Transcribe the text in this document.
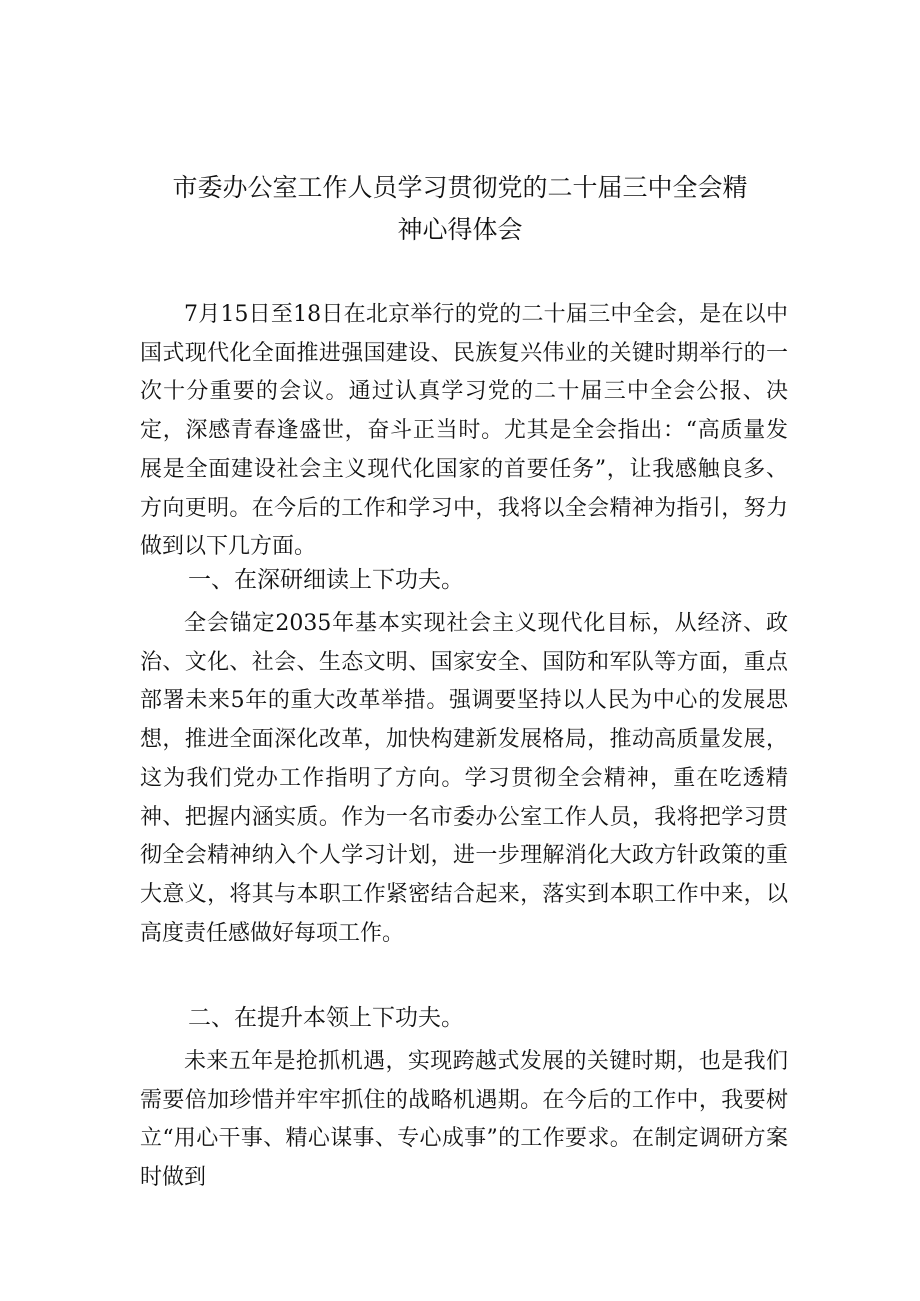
市委办公室工作人员学习贯彻党的二十届三中全会精
神心得体会

7月15日至18日在北京举行的党的二十届三中全会，是在以中国式现代化全面推进强国建设、民族复兴伟业的关键时期举行的一次十分重要的会议。通过认真学习党的二十届三中全会公报、决定，深感青春逢盛世，奋斗正当时。尤其是全会指出：“高质量发展是全面建设社会主义现代化国家的首要任务”，让我感触良多、方向更明。在今后的工作和学习中，我将以全会精神为指引，努力做到以下几方面。

一、在深研细读上下功夫。

全会锚定2035年基本实现社会主义现代化目标，从经济、政治、文化、社会、生态文明、国家安全、国防和军队等方面，重点部署未来5年的重大改革举措。强调要坚持以人民为中心的发展思想，推进全面深化改革，加快构建新发展格局，推动高质量发展，这为我们党办工作指明了方向。学习贯彻全会精神，重在吃透精神、把握内涵实质。作为一名市委办公室工作人员，我将把学习贯彻全会精神纳入个人学习计划，进一步理解消化大政方针政策的重大意义，将其与本职工作紧密结合起来，落实到本职工作中来，以高度责任感做好每项工作。

二、在提升本领上下功夫。

未来五年是抢抓机遇，实现跨越式发展的关键时期，也是我们需要倍加珍惜并牢牢抓住的战略机遇期。在今后的工作中，我要树立“用心干事、精心谋事、专心成事”的工作要求。在制定调研方案时做到
